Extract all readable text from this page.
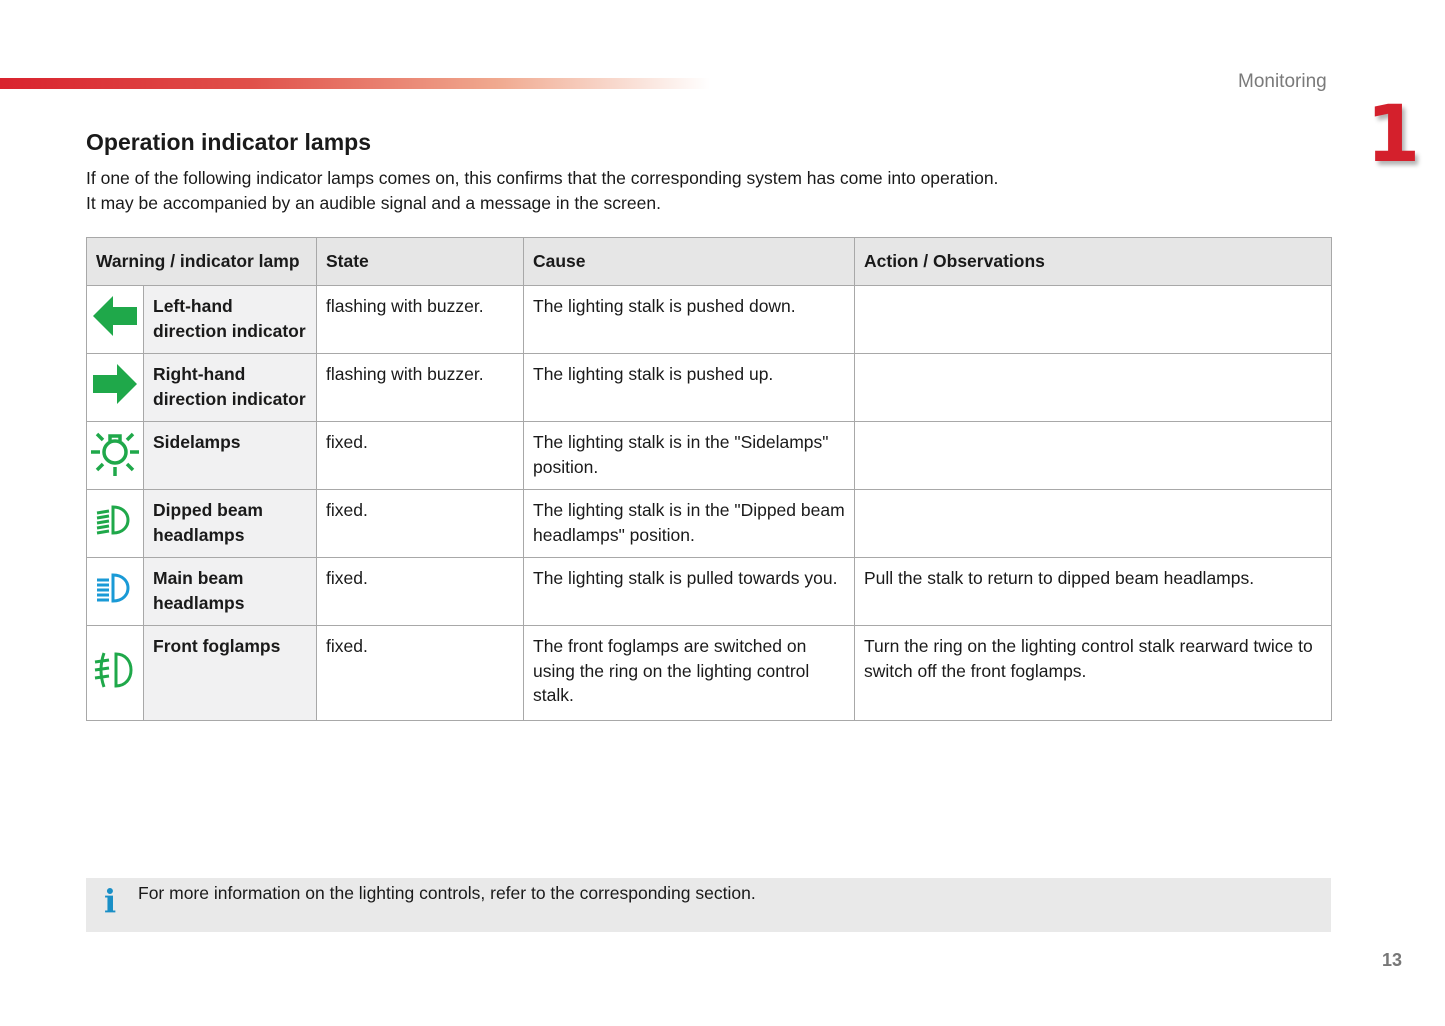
Monitoring
1
Operation indicator lamps
If one of the following indicator lamps comes on, this confirms that the corresponding system has come into operation.
It may be accompanied by an audible signal and a message in the screen.
Warning / indicator lamp		State	Cause	Action / Observations
	Left-hand direction indicator	flashing with buzzer.	The lighting stalk is pushed down.	
	Right-hand direction indicator	flashing with buzzer.	The lighting stalk is pushed up.	
	Sidelamps	fixed.	The lighting stalk is in the "Sidelamps" position.	
	Dipped beam headlamps	fixed.	The lighting stalk is in the "Dipped beam headlamps" position.	
	Main beam headlamps	fixed.	The lighting stalk is pulled towards you.	Pull the stalk to return to dipped beam headlamps.
	Front foglamps	fixed.	The front foglamps are switched on using the ring on the lighting control stalk.	Turn the ring on the lighting control stalk rearward twice to switch off the front foglamps.
i For more information on the lighting controls, refer to the corresponding section.
13
